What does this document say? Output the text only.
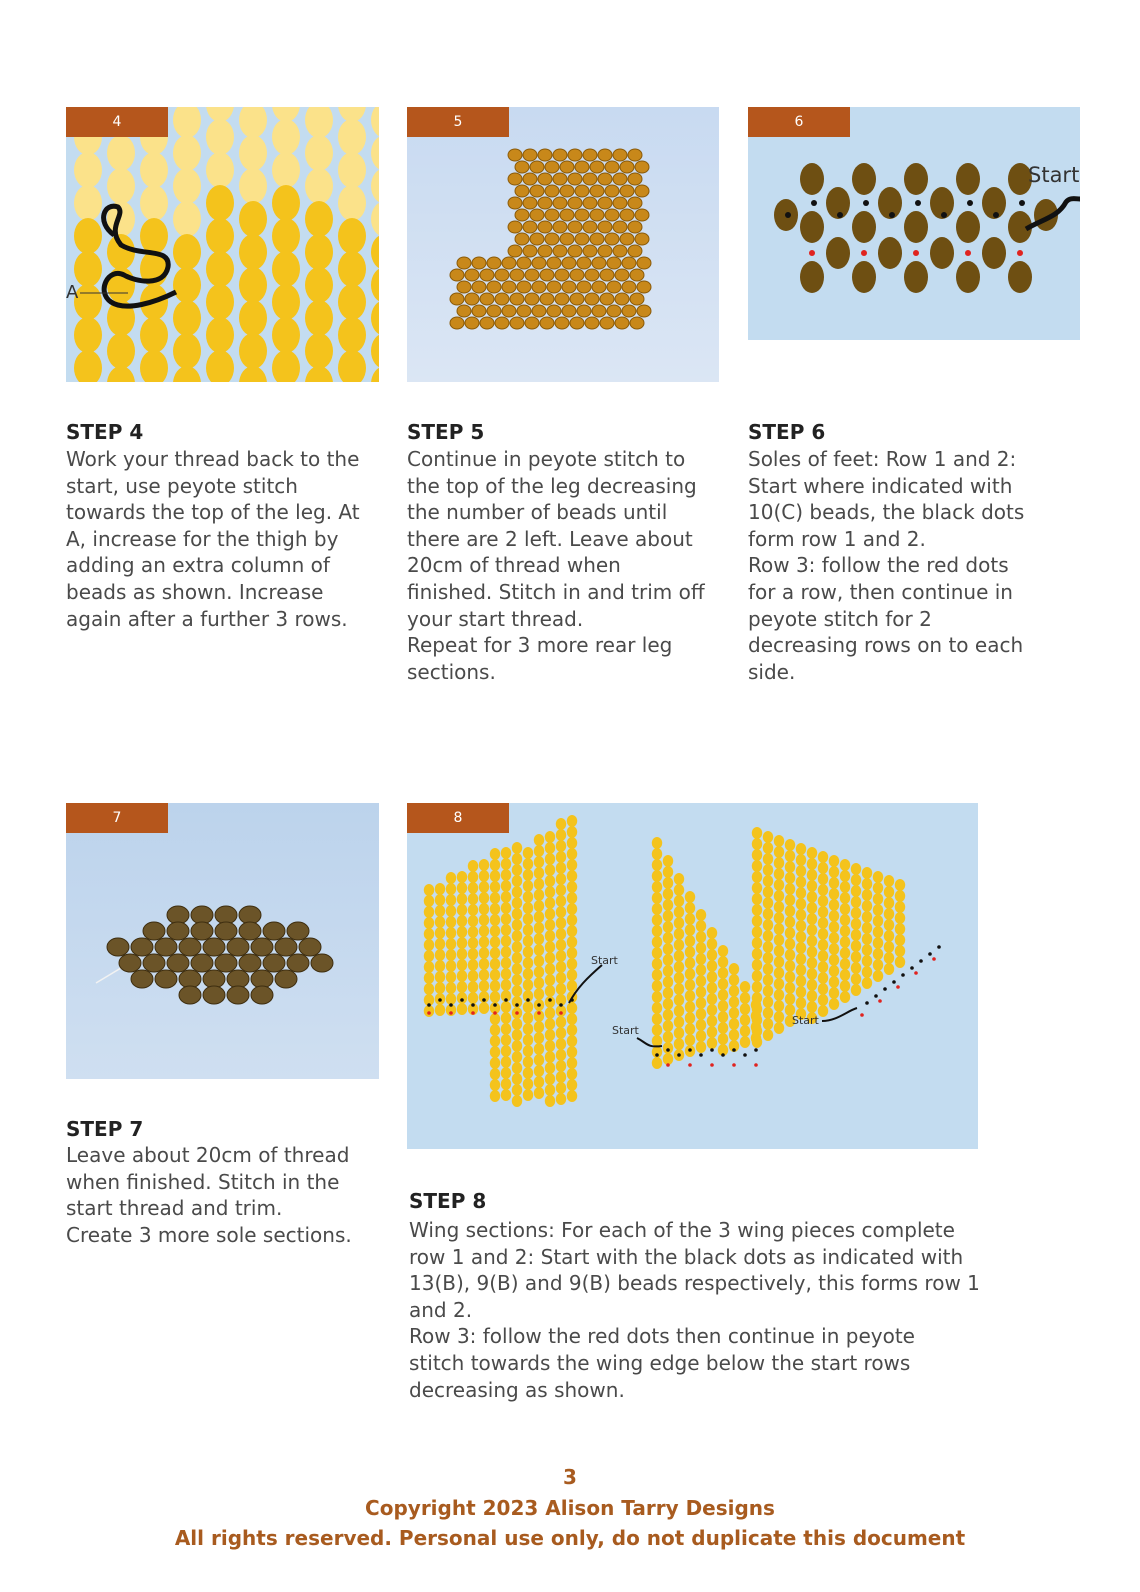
4
A
5	6
Start
STEP 4
Work your thread back to the
start, use peyote stitch
towards the top of the leg. At
A, increase for the thigh by
adding an extra column of
beads as shown. Increase
again after a further 3 rows.
STEP 5
Continue in peyote stitch to
the top of the leg decreasing
the number of beads until
there are 2 left. Leave about
20cm of thread when
finished. Stitch in and trim off
your start thread.
Repeat for 3 more rear leg
sections.
STEP 6
Soles of feet: Row 1 and 2:
Start where indicated with
10(C) beads, the black dots
form row 1 and 2.
Row 3: follow the red dots
for a row, then continue in
peyote stitch for 2
decreasing rows on to each
side.
7	8
Start
Start
Start
STEP 7
Leave about 20cm of thread
when finished. Stitch in the
start thread and trim.
Create 3 more sole sections.
STEP 8
Wing sections: For each of the 3 wing pieces complete
row 1 and 2: Start with the black dots as indicated with
13(B), 9(B) and 9(B) beads respectively, this forms row 1
and 2.
Row 3: follow the red dots then continue in peyote
stitch towards the wing edge below the start rows
decreasing as shown.
3
Copyright 2023 Alison Tarry Designs
All rights reserved. Personal use only, do not duplicate this document
